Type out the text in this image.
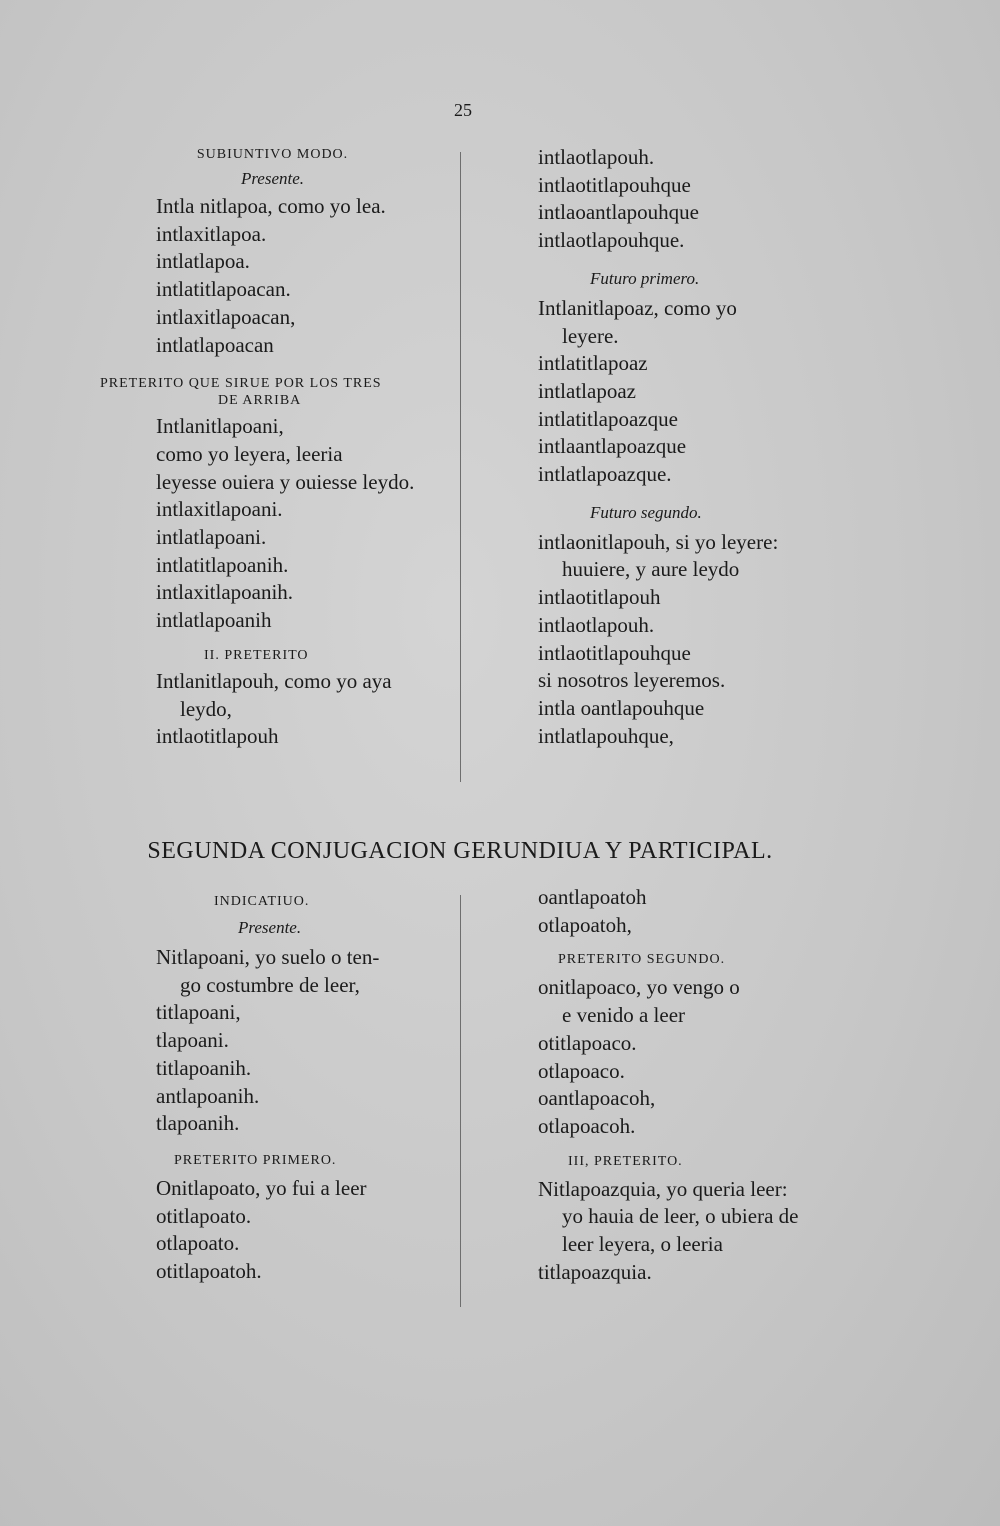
25
SUBIUNTIVO MODO.
Presente.
Intla nitlapoa, como yo lea.
intlaxitlapoa.
intlatlapoa.
intlatitlapoacan.
intlaxitlapoacan,
intlatlapoacan
PRETERITO QUE SIRUE POR LOS TRES
DE ARRIBA
Intlanitlapoani,
como yo leyera, leeria
leyesse ouiera y ouiesse leydo.
intlaxitlapoani.
intlatlapoani.
intlatitlapoanih.
intlaxitlapoanih.
intlatlapoanih
II. PRETERITO
Intlanitlapouh, como yo aya
leydo,
intlaotitlapouh
intlaotlapouh.
intlaotitlapouhque
intlaoantlapouhque
intlaotlapouhque.
Futuro primero.
Intlanitlapoaz, como yo
leyere.
intlatitlapoaz
intlatlapoaz
intlatitlapoazque
intlaantlapoazque
intlatlapoazque.
Futuro segundo.
intlaonitlapouh, si yo leyere:
huuiere, y aure leydo
intlaotitlapouh
intlaotlapouh.
intlaotitlapouhque
si nosotros leyeremos.
intla oantlapouhque
intlatlapouhque,
SEGUNDA CONJUGACION GERUNDIUA Y PARTICIPAL.
INDICATIUO.
Presente.
Nitlapoani, yo suelo o ten-
go costumbre de leer,
titlapoani,
tlapoani.
titlapoanih.
antlapoanih.
tlapoanih.
PRETERITO PRIMERO.
Onitlapoato, yo fui a leer
otitlapoato.
otlapoato.
otitlapoatoh.
oantlapoatoh
otlapoatoh,
PRETERITO SEGUNDO.
onitlapoaco, yo vengo o
e venido a leer
otitlapoaco.
otlapoaco.
oantlapoacoh,
otlapoacoh.
III, PRETERITO.
Nitlapoazquia, yo queria leer:
yo hauia de leer, o ubiera de
leer leyera, o leeria
titlapoazquia.
